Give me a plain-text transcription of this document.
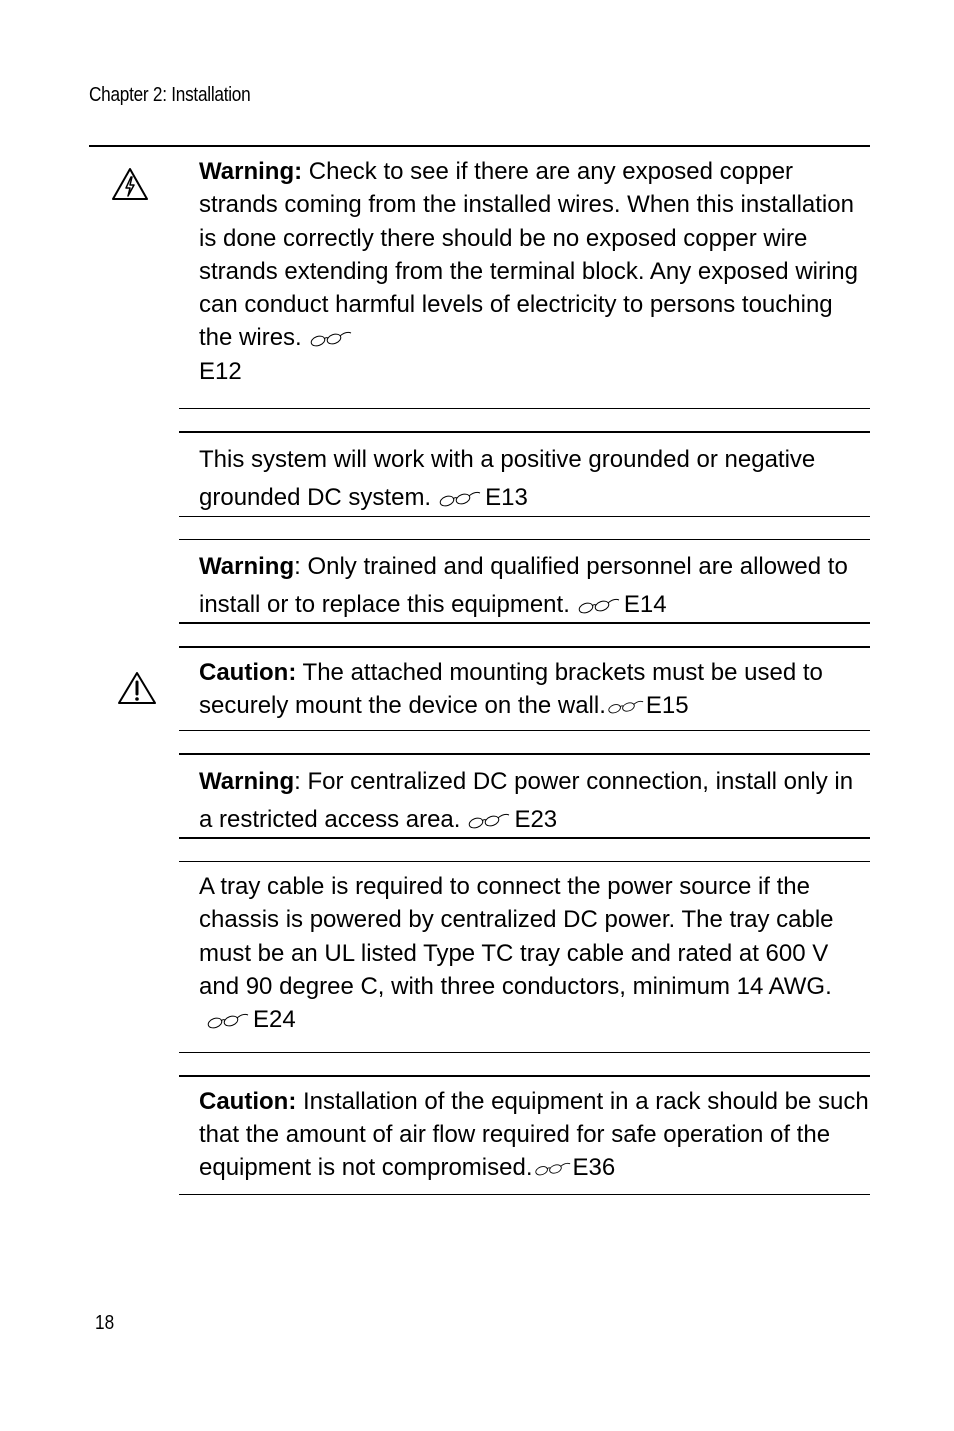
Chapter 2: Installation
Warning: Check to see if there are any exposed copper strands coming from the installed wires. When this installation is done correctly there should be no exposed copper wire strands extending from the terminal block. Any exposed wiring can conduct harmful levels of electricity to persons touching the wires.
E12
This system will work with a positive grounded or negative grounded DC system. E13
Warning: Only trained and qualified personnel are allowed to install or to replace this equipment. E14
Caution: The attached mounting brackets must be used to securely mount the device on the wall. E15
Warning: For centralized DC power connection, install only in a restricted access area. E23
A tray cable is required to connect the power source if the chassis is powered by centralized DC power. The tray cable must be an UL listed Type TC tray cable and rated at 600 V and 90 degree C, with three conductors, minimum 14 AWG.E24
Caution: Installation of the equipment in a rack should be such that the amount of air flow required for safe operation of the equipment is not compromised. E36
18
